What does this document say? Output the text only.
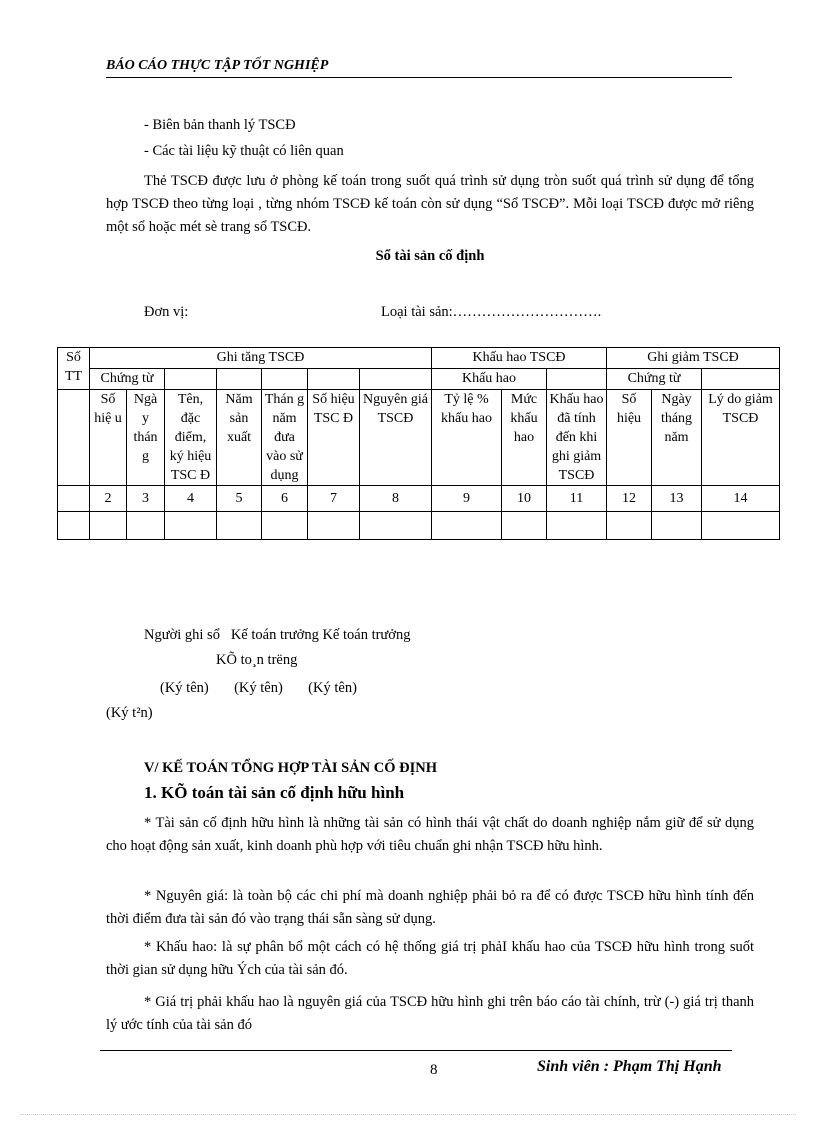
BÁO CÁO THỰC TẬP TỐT NGHIỆP
- Biên bản thanh lý TSCĐ
- Các tài liệu kỹ thuật có liên quan
Thẻ TSCĐ được lưu ở phòng kế toán trong suốt quá trình sử dụng tròn suốt quá trình sử dụng để tổng hợp TSCĐ theo từng loại , từng nhóm TSCĐ kế toán còn sử dụng “Sổ TSCĐ”. Mỗi loại TSCĐ được mở riêng một sổ hoặc mét sè trang sổ TSCĐ.
Sổ tài sản cố định
Đơn vị:	Loại tài sản:………………………….
Số TT	Ghi tăng TSCĐ							Khấu hao TSCĐ			Ghi giảm TSCĐ		
	Chứng từ							Khấu hao			Chứng từ		
	Số hiệ u	Ngà y thán g	Tên, đặc điểm, ký hiệu TSC Đ	Năm sản xuất	Thán g năm đưa vào sử dụng	Số hiệu TSC Đ	Nguyên giá TSCĐ	Tỷ lệ % khấu hao	Mức khấu hao	Khấu hao đã tính đến khi ghi giảm TSCĐ	Số hiệu	Ngày tháng năm	Lý do giảm TSCĐ
	2	3	4	5	6	7	8	9	10	11	12	13	14

Người ghi sổ   Kế toán trưởng Kế toán trưởng
KÕ to¸n trëng
(Ký tên)       (Ký tên)       (Ký tên)
(Ký t²n)
V/ KẾ TOÁN TỔNG HỢP TÀI SẢN CỐ ĐỊNH
1. KÕ toán tài sản cố định hữu hình
* Tài sản cố định hữu hình là những tài sản có hình thái vật chất do doanh nghiệp nắm giữ để sử dụng cho hoạt động sản xuất, kinh doanh phù hợp với tiêu chuẩn ghi nhận TSCĐ hữu hình.
* Nguyên giá: là toàn bộ các chi phí mà doanh nghiệp phải bỏ ra để có được TSCĐ hữu hình tính đến thời điểm đưa tài sản đó vào trạng thái sẵn sàng sử dụng.
* Khấu hao: là sự phân bổ một cách có hệ thống giá trị phảI khấu hao của TSCĐ hữu hình trong suốt thời gian sử dụng hữu Ých của tài sản đó.
* Giá trị phải khấu hao là nguyên giá của TSCĐ hữu hình ghi trên báo cáo tài chính, trừ (-) giá trị thanh lý ước tính của tài sản đó
8	Sinh viên : Phạm Thị Hạnh
